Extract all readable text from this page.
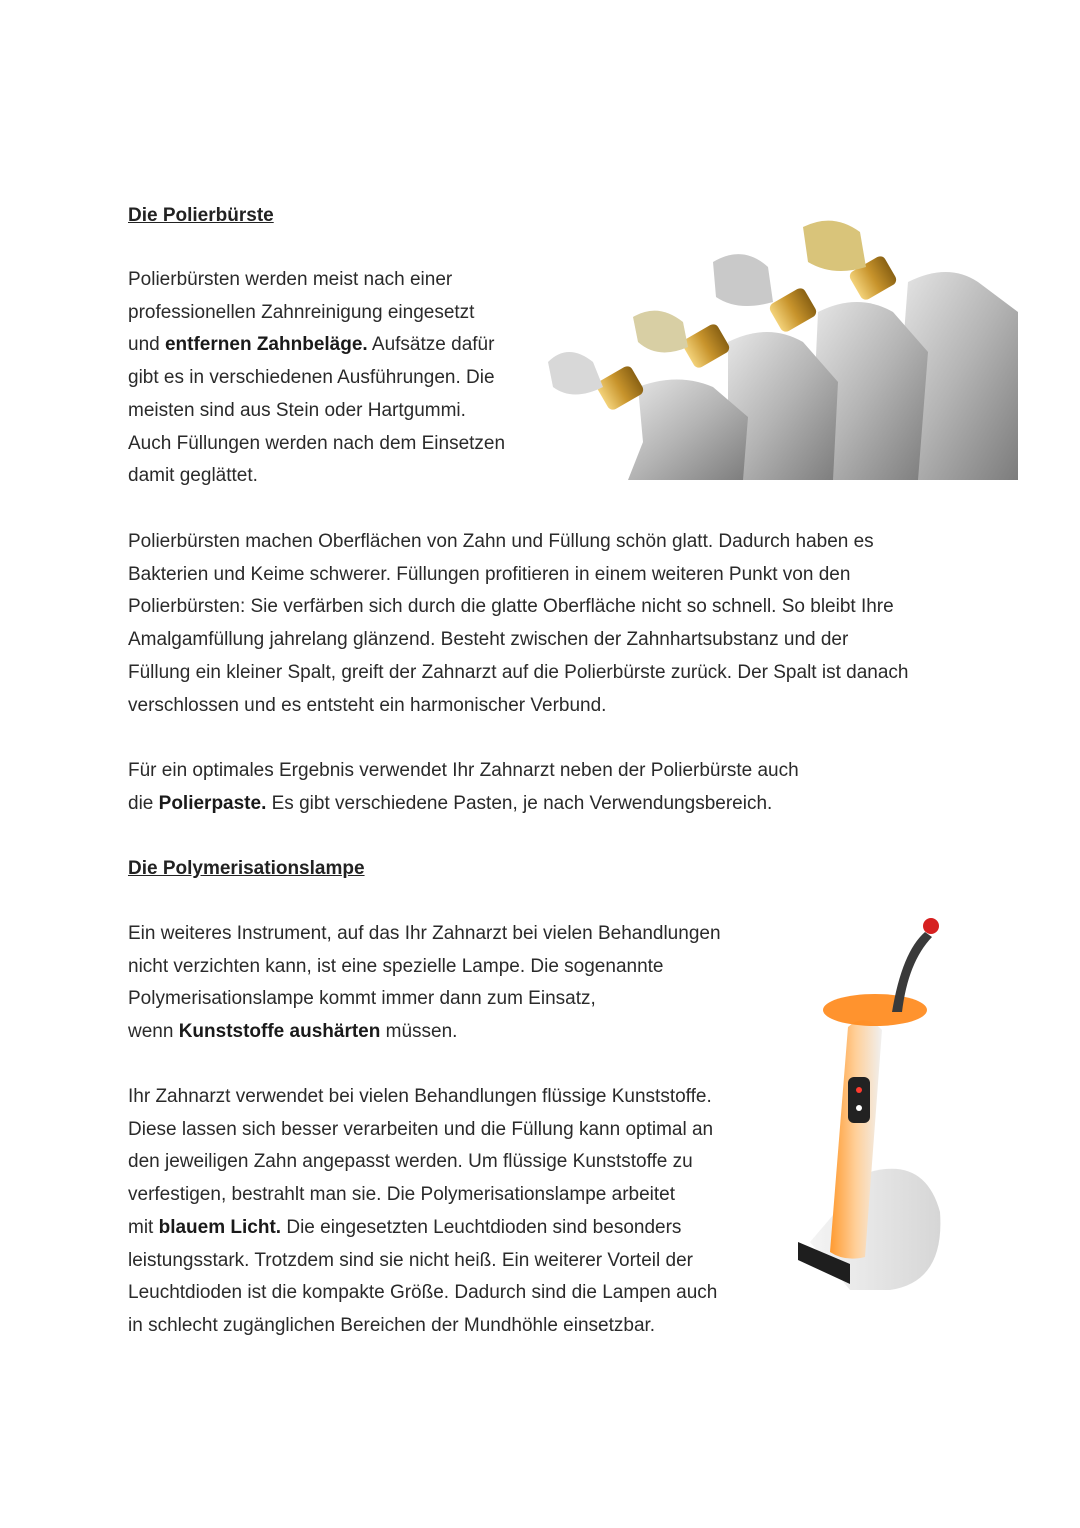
Die Polierbürste
Polierbürsten werden meist nach einer
professionellen Zahnreinigung eingesetzt
und entfernen Zahnbeläge. Aufsätze dafür
gibt es in verschiedenen Ausführungen. Die
meisten sind aus Stein oder Hartgummi.
Auch Füllungen werden nach dem Einsetzen
damit geglättet.
Polierbürsten machen Oberflächen von Zahn und Füllung schön glatt. Dadurch haben es
Bakterien und Keime schwerer. Füllungen profitieren in einem weiteren Punkt von den
Polierbürsten: Sie verfärben sich durch die glatte Oberfläche nicht so schnell. So bleibt Ihre
Amalgamfüllung jahrelang glänzend. Besteht zwischen der Zahnhartsubstanz und der
Füllung ein kleiner Spalt, greift der Zahnarzt auf die Polierbürste zurück. Der Spalt ist danach
verschlossen und es entsteht ein harmonischer Verbund.
Für ein optimales Ergebnis verwendet Ihr Zahnarzt neben der Polierbürste auch
die Polierpaste. Es gibt verschiedene Pasten, je nach Verwendungsbereich.
Die Polymerisationslampe
Ein weiteres Instrument, auf das Ihr Zahnarzt bei vielen Behandlungen
nicht verzichten kann, ist eine spezielle Lampe. Die sogenannte
Polymerisationslampe kommt immer dann zum Einsatz,
wenn Kunststoffe aushärten müssen.
Ihr Zahnarzt verwendet bei vielen Behandlungen flüssige Kunststoffe.
Diese lassen sich besser verarbeiten und die Füllung kann optimal an
den jeweiligen Zahn angepasst werden. Um flüssige Kunststoffe zu
verfestigen, bestrahlt man sie. Die Polymerisationslampe arbeitet
mit blauem Licht. Die eingesetzten Leuchtdioden sind besonders
leistungsstark. Trotzdem sind sie nicht heiß. Ein weiterer Vorteil der
Leuchtdioden ist die kompakte Größe. Dadurch sind die Lampen auch
in schlecht zugänglichen Bereichen der Mundhöhle einsetzbar.
